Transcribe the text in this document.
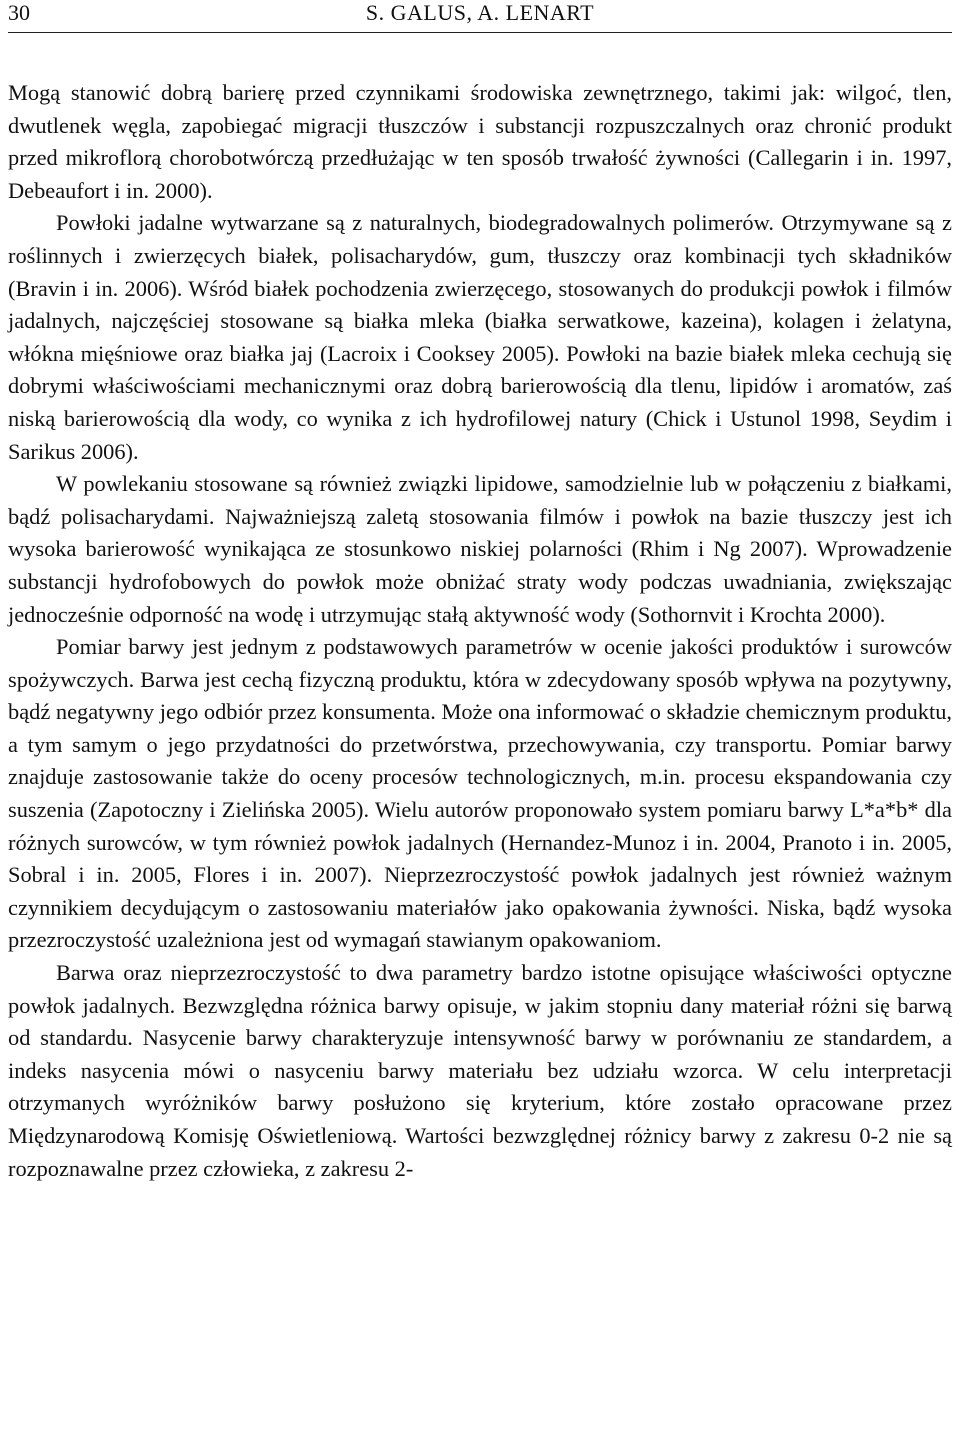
30	S. GALUS, A. LENART

Mogą stanowić dobrą barierę przed czynnikami środowiska zewnętrznego, takimi jak: wilgoć, tlen, dwutlenek węgla, zapobiegać migracji tłuszczów i substancji rozpuszczalnych oraz chronić produkt przed mikroflorą chorobotwórczą przedłużając w ten sposób trwałość żywności (Callegarin i in. 1997, Debeaufort i in. 2000).

Powłoki jadalne wytwarzane są z naturalnych, biodegradowalnych polimerów. Otrzymywane są z roślinnych i zwierzęcych białek, polisacharydów, gum, tłuszczy oraz kombinacji tych składników (Bravin i in. 2006). Wśród białek pochodzenia zwierzęcego, stosowanych do produkcji powłok i filmów jadalnych, najczęściej stosowane są białka mleka (białka serwatkowe, kazeina), kolagen i żelatyna, włókna mięśniowe oraz białka jaj (Lacroix i Cooksey 2005). Powłoki na bazie białek mleka cechują się dobrymi właściwościami mechanicznymi oraz dobrą barierowością dla tlenu, lipidów i aromatów, zaś niską barierowością dla wody, co wynika z ich hydrofilowej natury (Chick i Ustunol 1998, Seydim i Sarikus 2006).

W powlekaniu stosowane są również związki lipidowe, samodzielnie lub w połączeniu z białkami, bądź polisacharydami. Najważniejszą zaletą stosowania filmów i powłok na bazie tłuszczy jest ich wysoka barierowość wynikająca ze stosunkowo niskiej polarności (Rhim i Ng 2007). Wprowadzenie substancji hydrofobowych do powłok może obniżać straty wody podczas uwadniania, zwiększając jednocześnie odporność na wodę i utrzymując stałą aktywność wody (Sothornvit i Krochta 2000).

Pomiar barwy jest jednym z podstawowych parametrów w ocenie jakości produktów i surowców spożywczych. Barwa jest cechą fizyczną produktu, która w zdecydowany sposób wpływa na pozytywny, bądź negatywny jego odbiór przez konsumenta. Może ona informować o składzie chemicznym produktu, a tym samym o jego przydatności do przetwórstwa, przechowywania, czy transportu. Pomiar barwy znajduje zastosowanie także do oceny procesów technologicznych, m.in. procesu ekspandowania czy suszenia (Zapotoczny i Zielińska 2005). Wielu autorów proponowało system pomiaru barwy L*a*b* dla różnych surowców, w tym również powłok jadalnych (Hernandez-Munoz i in. 2004, Pranoto i in. 2005, Sobral i in. 2005, Flores i in. 2007). Nieprzezroczystość powłok jadalnych jest również ważnym czynnikiem decydującym o zastosowaniu materiałów jako opakowania żywności. Niska, bądź wysoka przezroczystość uzależniona jest od wymagań stawianym opakowaniom.

Barwa oraz nieprzezroczystość to dwa parametry bardzo istotne opisujące właściwości optyczne powłok jadalnych. Bezwzględna różnica barwy opisuje, w jakim stopniu dany materiał różni się barwą od standardu. Nasycenie barwy charakteryzuje intensywność barwy w porównaniu ze standardem, a indeks nasycenia mówi o nasyceniu barwy materiału bez udziału wzorca. W celu interpretacji otrzymanych wyróżników barwy posłużono się kryterium, które zostało opracowane przez Międzynarodową Komisję Oświetleniową. Wartości bezwzględnej różnicy barwy z zakresu 0-2 nie są rozpoznawalne przez człowieka, z zakresu 2-
